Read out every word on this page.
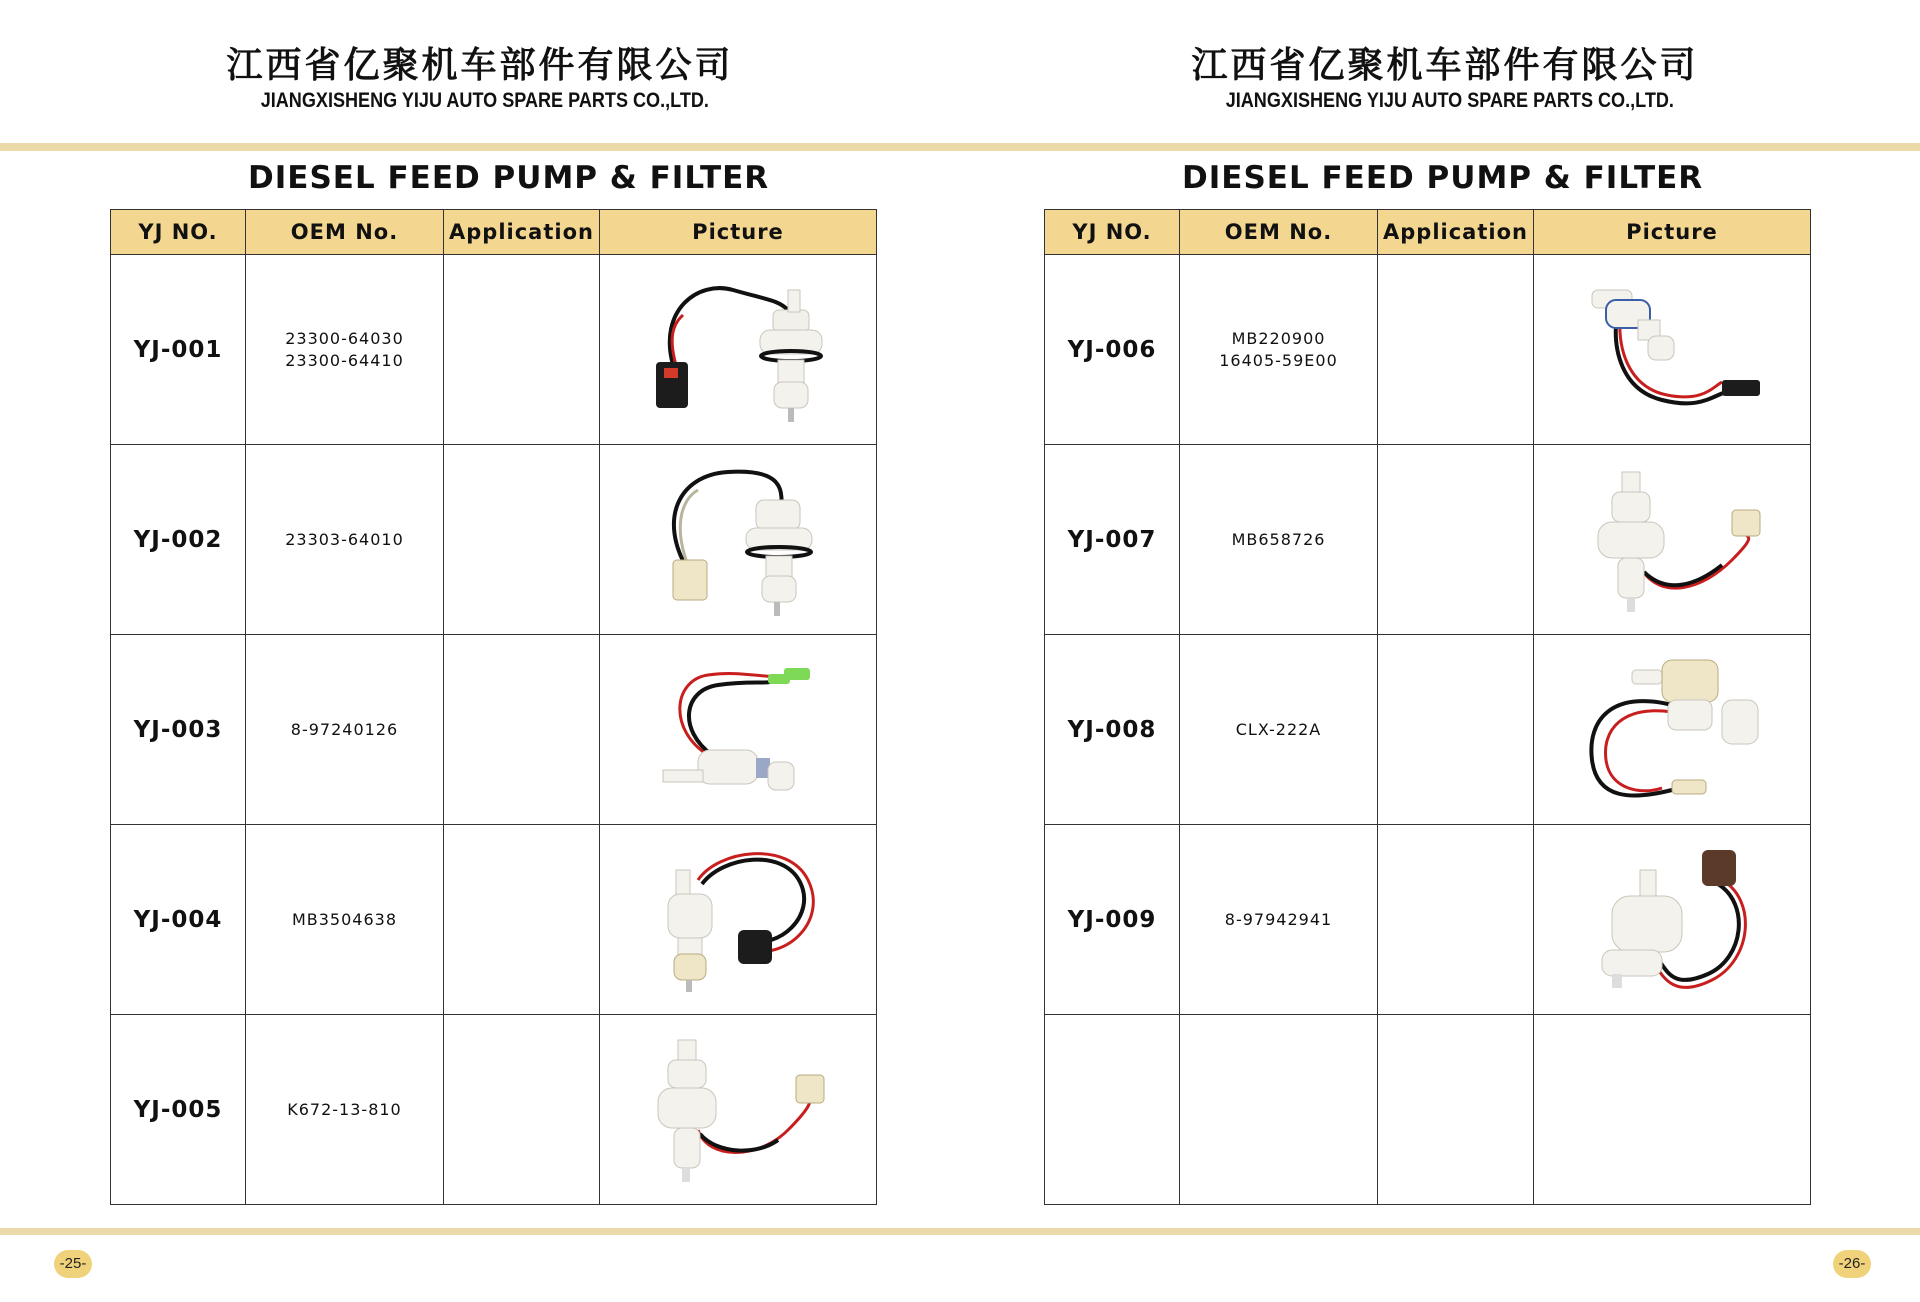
江西省亿聚机车部件有限公司
JIANGXISHENG YIJU AUTO SPARE PARTS CO.,LTD.
DIESEL FEED PUMP & FILTER
YJ NO.	OEM No.	Application	Picture
YJ-001	23300-64030
23300-64410

YJ-002	23303-64010

YJ-003	8-97240126

YJ-004	MB3504638

YJ-005	K672-13-810

-25-
江西省亿聚机车部件有限公司
JIANGXISHENG YIJU AUTO SPARE PARTS CO.,LTD.
DIESEL FEED PUMP & FILTER
YJ NO.	OEM No.	Application	Picture
YJ-006	MB220900
16405-59E00

YJ-007	MB658726

YJ-008	CLX-222A

YJ-009	8-97942941

-26-
